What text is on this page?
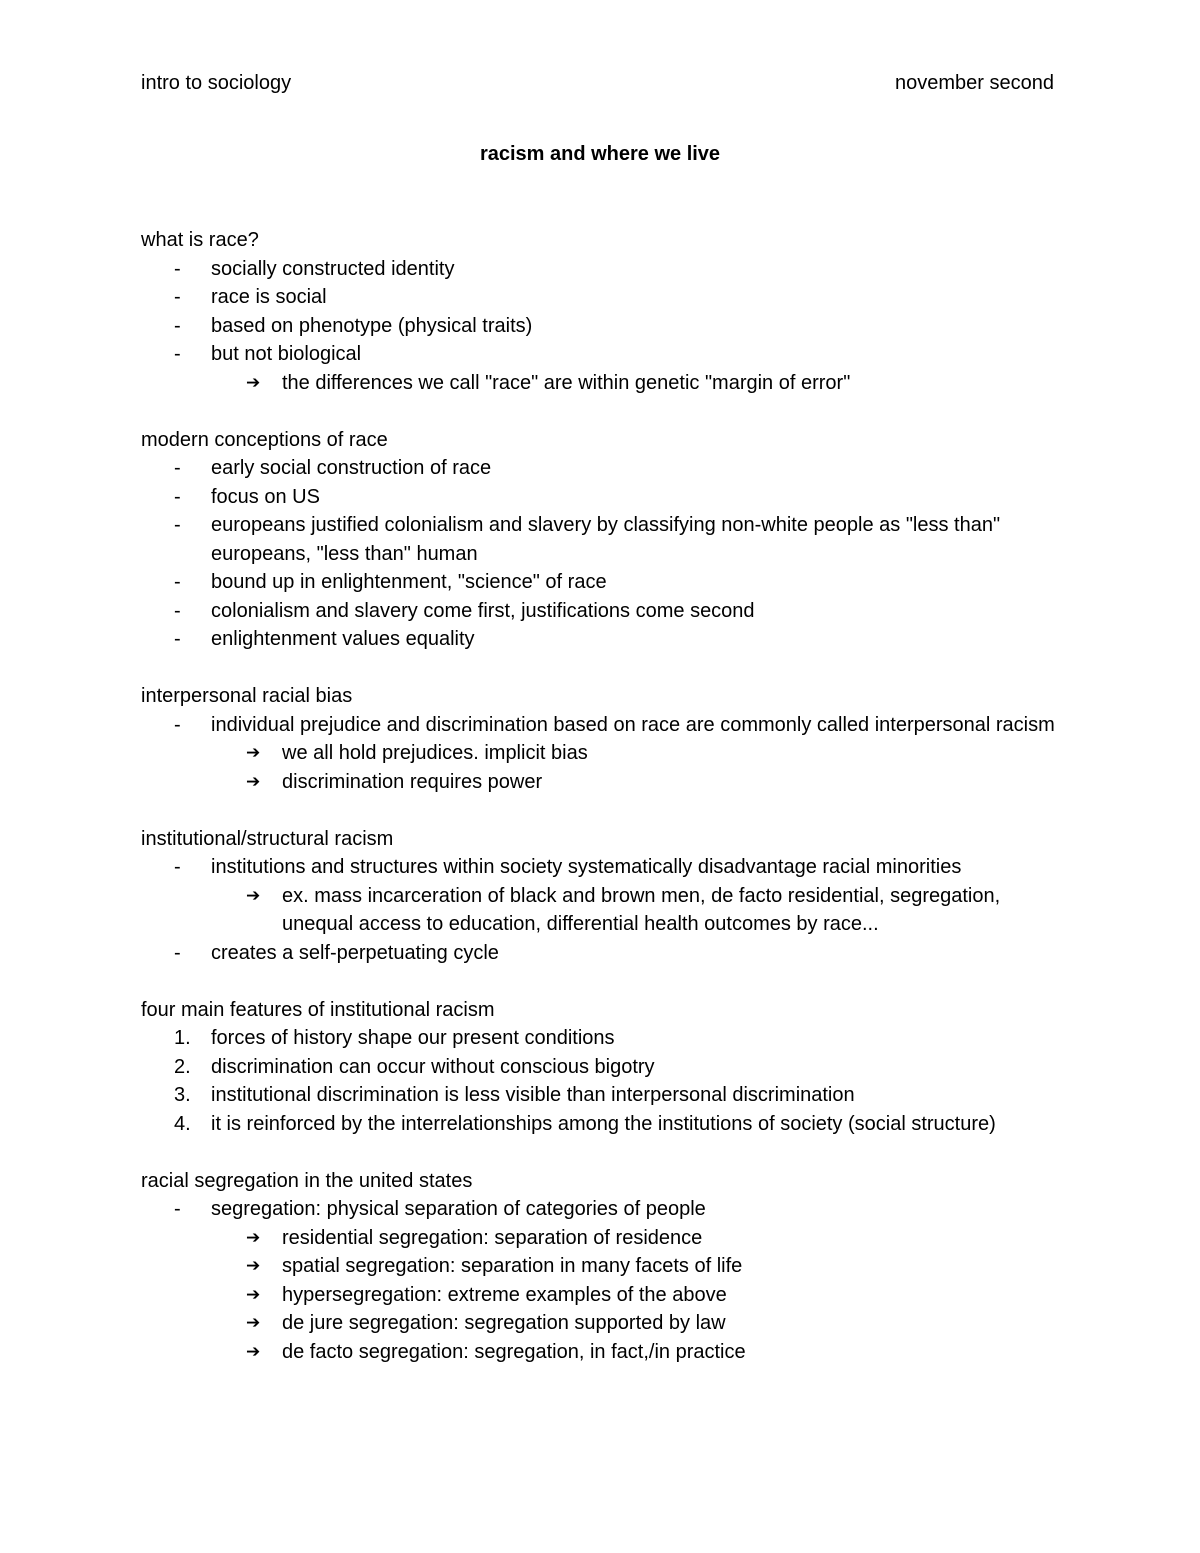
intro to sociology	november second
racism and where we live
what is race?
- socially constructed identity
- race is social
- based on phenotype (physical traits)
- but not biological
➔ the differences we call "race" are within genetic "margin of error"
modern conceptions of race
- early social construction of race
- focus on US
- europeans justified colonialism and slavery by classifying non-white people as "less than" europeans, "less than" human
- bound up in enlightenment, "science" of race
- colonialism and slavery come first, justifications come second
- enlightenment values equality
interpersonal racial bias
- individual prejudice and discrimination based on race are commonly called interpersonal racism
➔ we all hold prejudices. implicit bias
➔ discrimination requires power
institutional/structural racism
- institutions and structures within society systematically disadvantage racial minorities
➔ ex. mass incarceration of black and brown men, de facto residential, segregation, unequal access to education, differential health outcomes by race...
- creates a self-perpetuating cycle
four main features of institutional racism
1. forces of history shape our present conditions
2. discrimination can occur without conscious bigotry
3. institutional discrimination is less visible than interpersonal discrimination
4. it is reinforced by the interrelationships among the institutions of society (social structure)
racial segregation in the united states
- segregation: physical separation of categories of people
➔ residential segregation: separation of residence
➔ spatial segregation: separation in many facets of life
➔ hypersegregation: extreme examples of the above
➔ de jure segregation: segregation supported by law
➔ de facto segregation: segregation, in fact,/in practice
